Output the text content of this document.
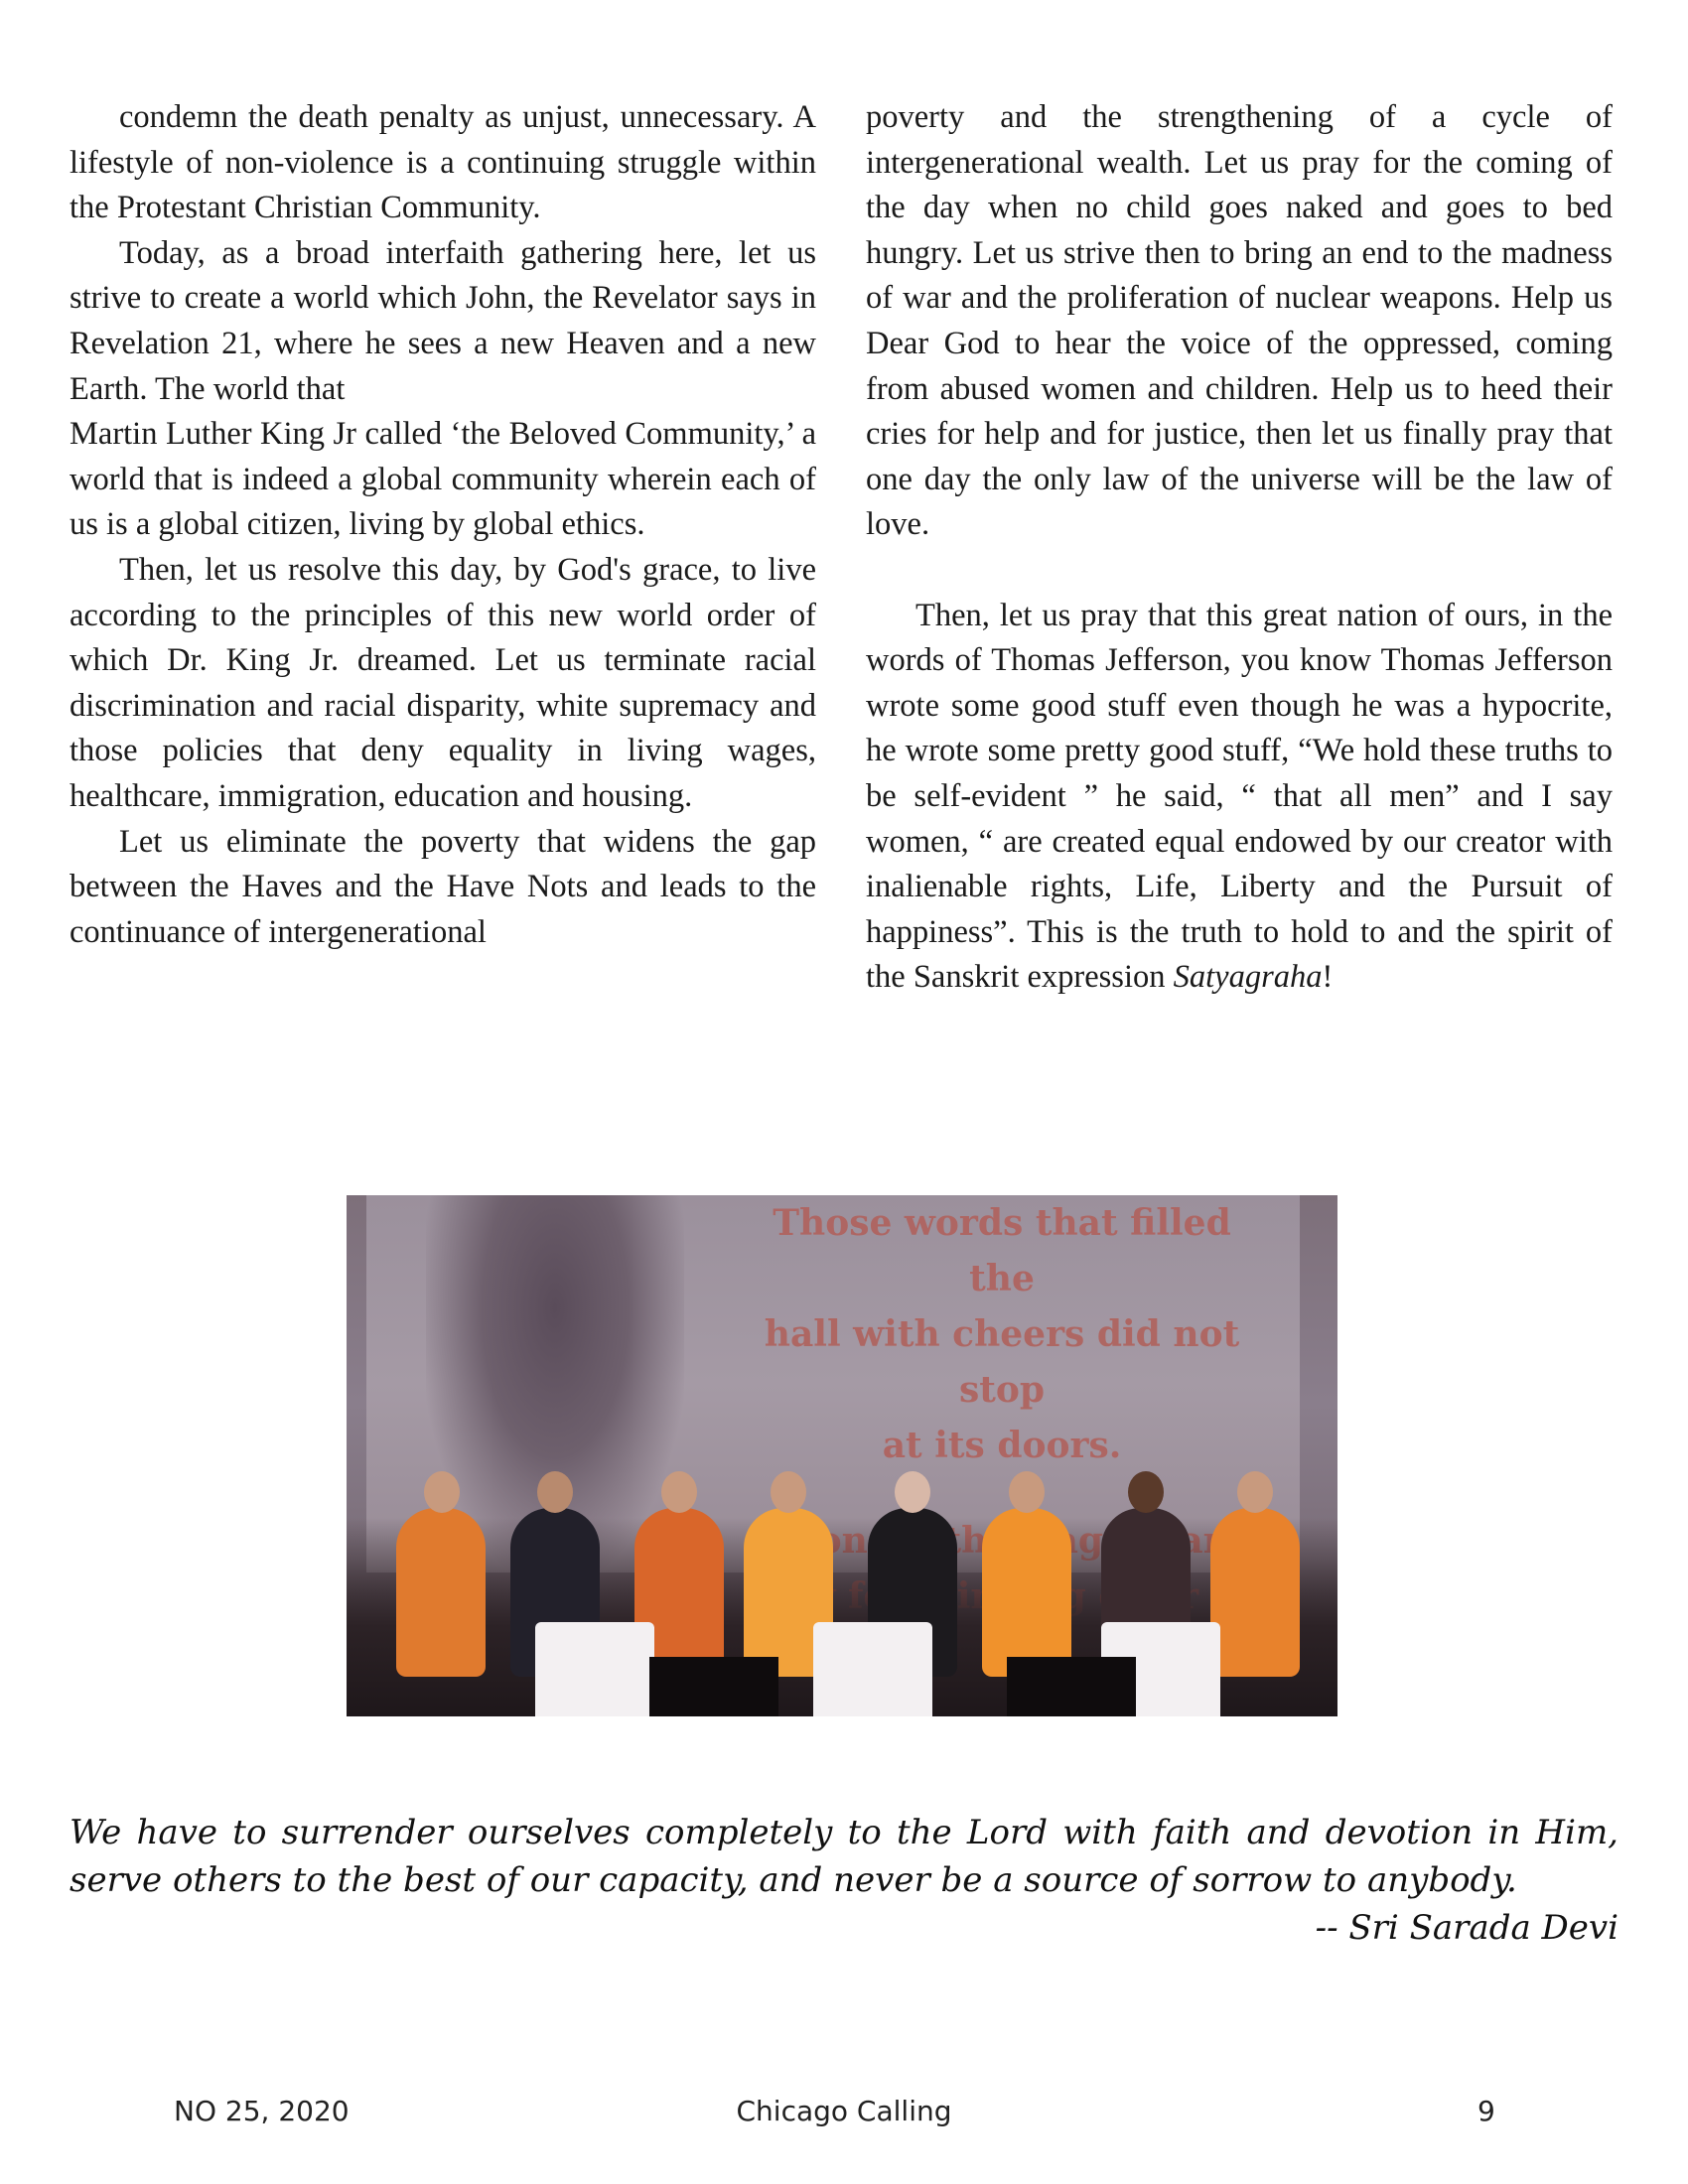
condemn the death penalty as unjust, unnecessary. A lifestyle of non-violence is a continuing struggle within the Protestant Christian Community.

Today, as a broad interfaith gathering here, let us strive to create a world which John, the Revelator says in Revelation 21, where he sees a new Heaven and a new Earth. The world that

Martin Luther King Jr called ‘the Beloved Community,’ a world that is indeed a global community wherein each of us is a global citizen, living by global ethics.

Then, let us resolve this day, by God's grace, to live according to the principles of this new world order of which Dr. King Jr. dreamed. Let us terminate racial discrimination and racial disparity, white supremacy and those policies that deny equality in living wages, healthcare, immigration, education and housing.

Let us eliminate the poverty that widens the gap between the Haves and the Have Nots and leads to the continuance of intergenerational

poverty and the strengthening of a cycle of intergenerational wealth. Let us pray for the coming of the day when no child goes naked and goes to bed hungry. Let us strive then to bring an end to the madness of war and the proliferation of nuclear weapons. Help us Dear God to hear the voice of the oppressed, coming from abused women and children. Help us to heed their cries for help and for justice, then let us finally pray that one day the only law of the universe will be the law of love.

Then, let us pray that this great nation of ours, in the words of Thomas Jefferson, you know Thomas Jefferson wrote some good stuff even though he was a hypocrite, he wrote some pretty good stuff, “We hold these truths to be self-evident ” he said, “ that all men” and I say women, “ are created equal endowed by our creator with inalienable rights, Life, Liberty and the Pursuit of happiness”. This is the truth to hold to and the spirit of the Sanskrit expression Satyagraha!

Those words that filled the
hall with cheers did not stop
at its doors.

We have to surrender ourselves completely to the Lord with faith and devotion in Him, serve others to the best of our capacity, and never be a source of sorrow to anybody.

-- Sri Sarada Devi
NO 25, 2020	Chicago Calling	9
